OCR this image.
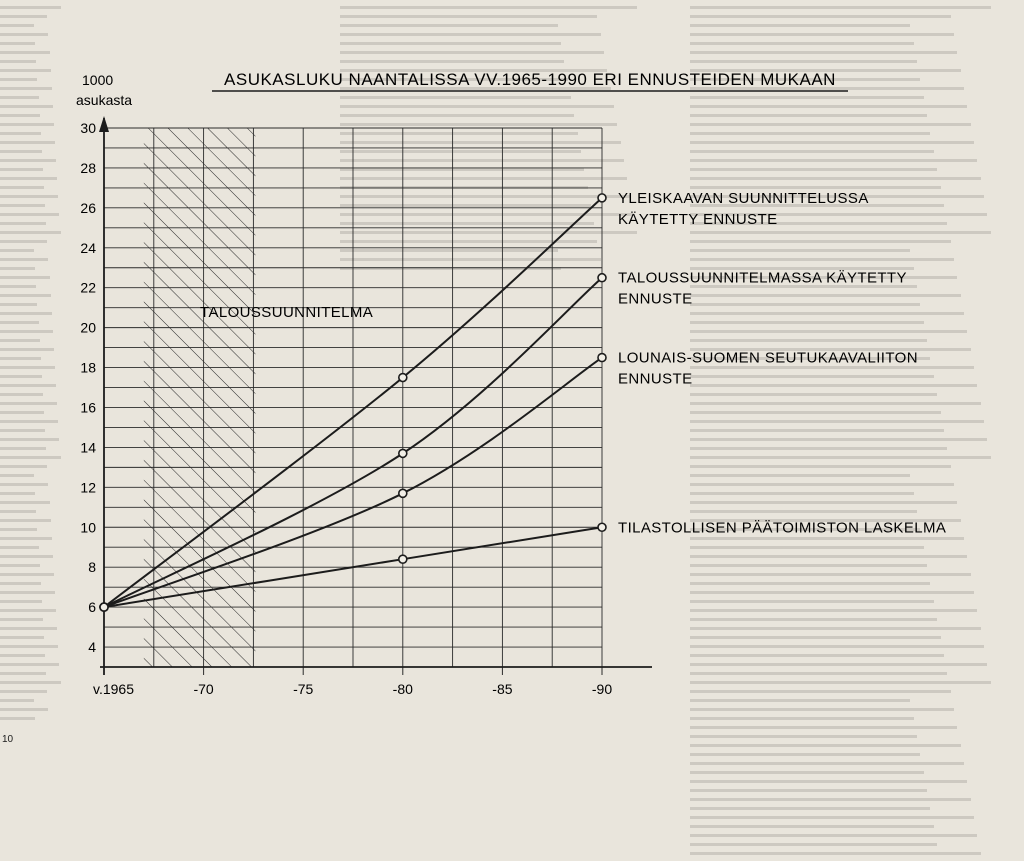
ASUKASLUKU NAANTALISSA VV.1965-1990 ERI ENNUSTEIDEN MUKAAN
1000
asukasta
TALOUSSUUNNITELMA
4
6
8
10
12
14
16
18
20
22
24
26
28
30
v.1965	-70	-75	-80	-85	-90
YLEISKAAVAN SUUNNITTELUSSA
KÄYTETTY ENNUSTE
TALOUSSUUNNITELMASSA KÄYTETTY
ENNUSTE
LOUNAIS-SUOMEN SEUTUKAAVALIITON
ENNUSTE
TILASTOLLISEN PÄÄTOIMISTON LASKELMA
10
